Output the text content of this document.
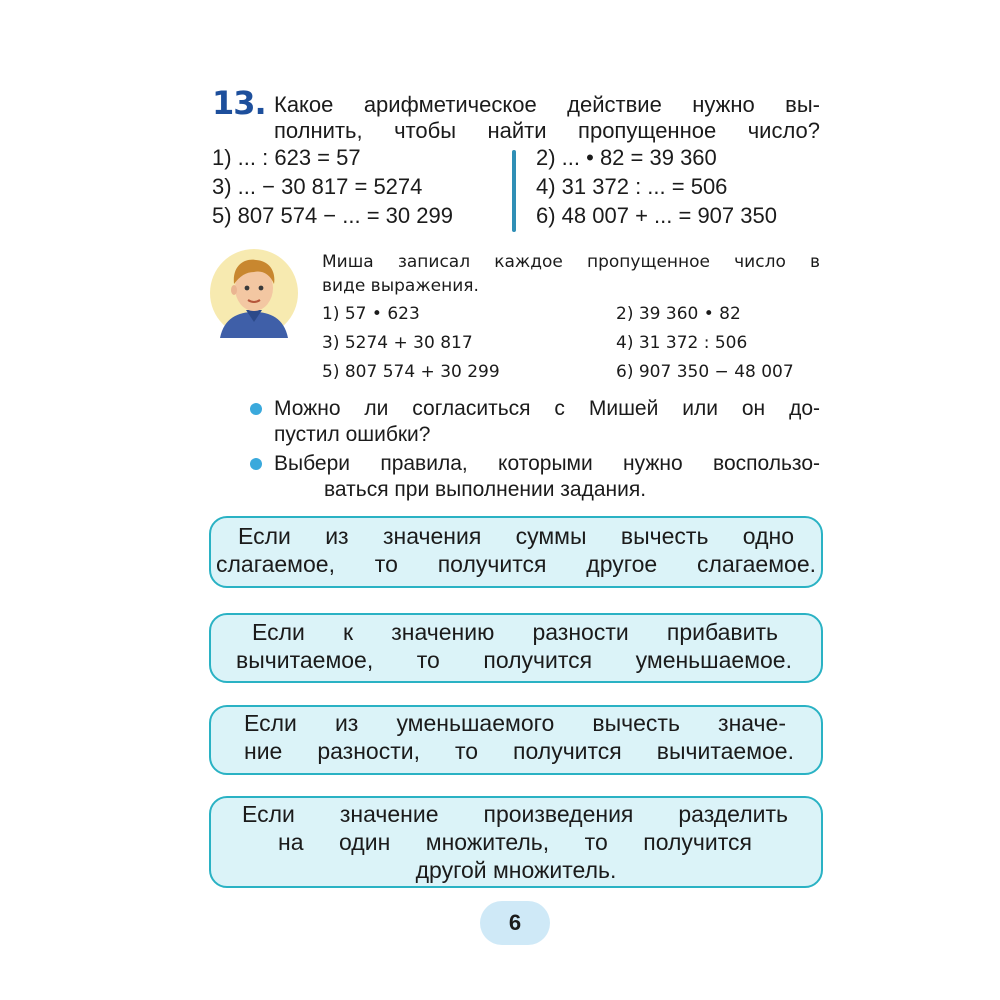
13. Какое арифметическое действие нужно вы-
полнить, чтобы найти пропущенное число?
1) ... : 623 = 57	2) ... • 82 = 39 360
3) ... − 30 817 = 5274	4) 31 372 : ... = 506
5) 807 574 − ... = 30 299	6) 48 007 + ... = 907 350
Миша записал каждое пропущенное число в
виде выражения.
1) 57 • 623	2) 39 360 • 82
3) 5274 + 30 817	4) 31 372 : 506
5) 807 574 + 30 299	6) 907 350 − 48 007
Можно ли согласиться с Мишей или он до-
пустил ошибки?
Выбери правила, которыми нужно воспользо-
ваться при выполнении задания.
Если из значения суммы вычесть одно
слагаемое, то получится другое слагаемое.
Если к значению разности прибавить
вычитаемое, то получится уменьшаемое.
Если из уменьшаемого вычесть значе-
ние разности, то получится вычитаемое.
Если значение произведения разделить
на один множитель, то получится
другой множитель.
6
